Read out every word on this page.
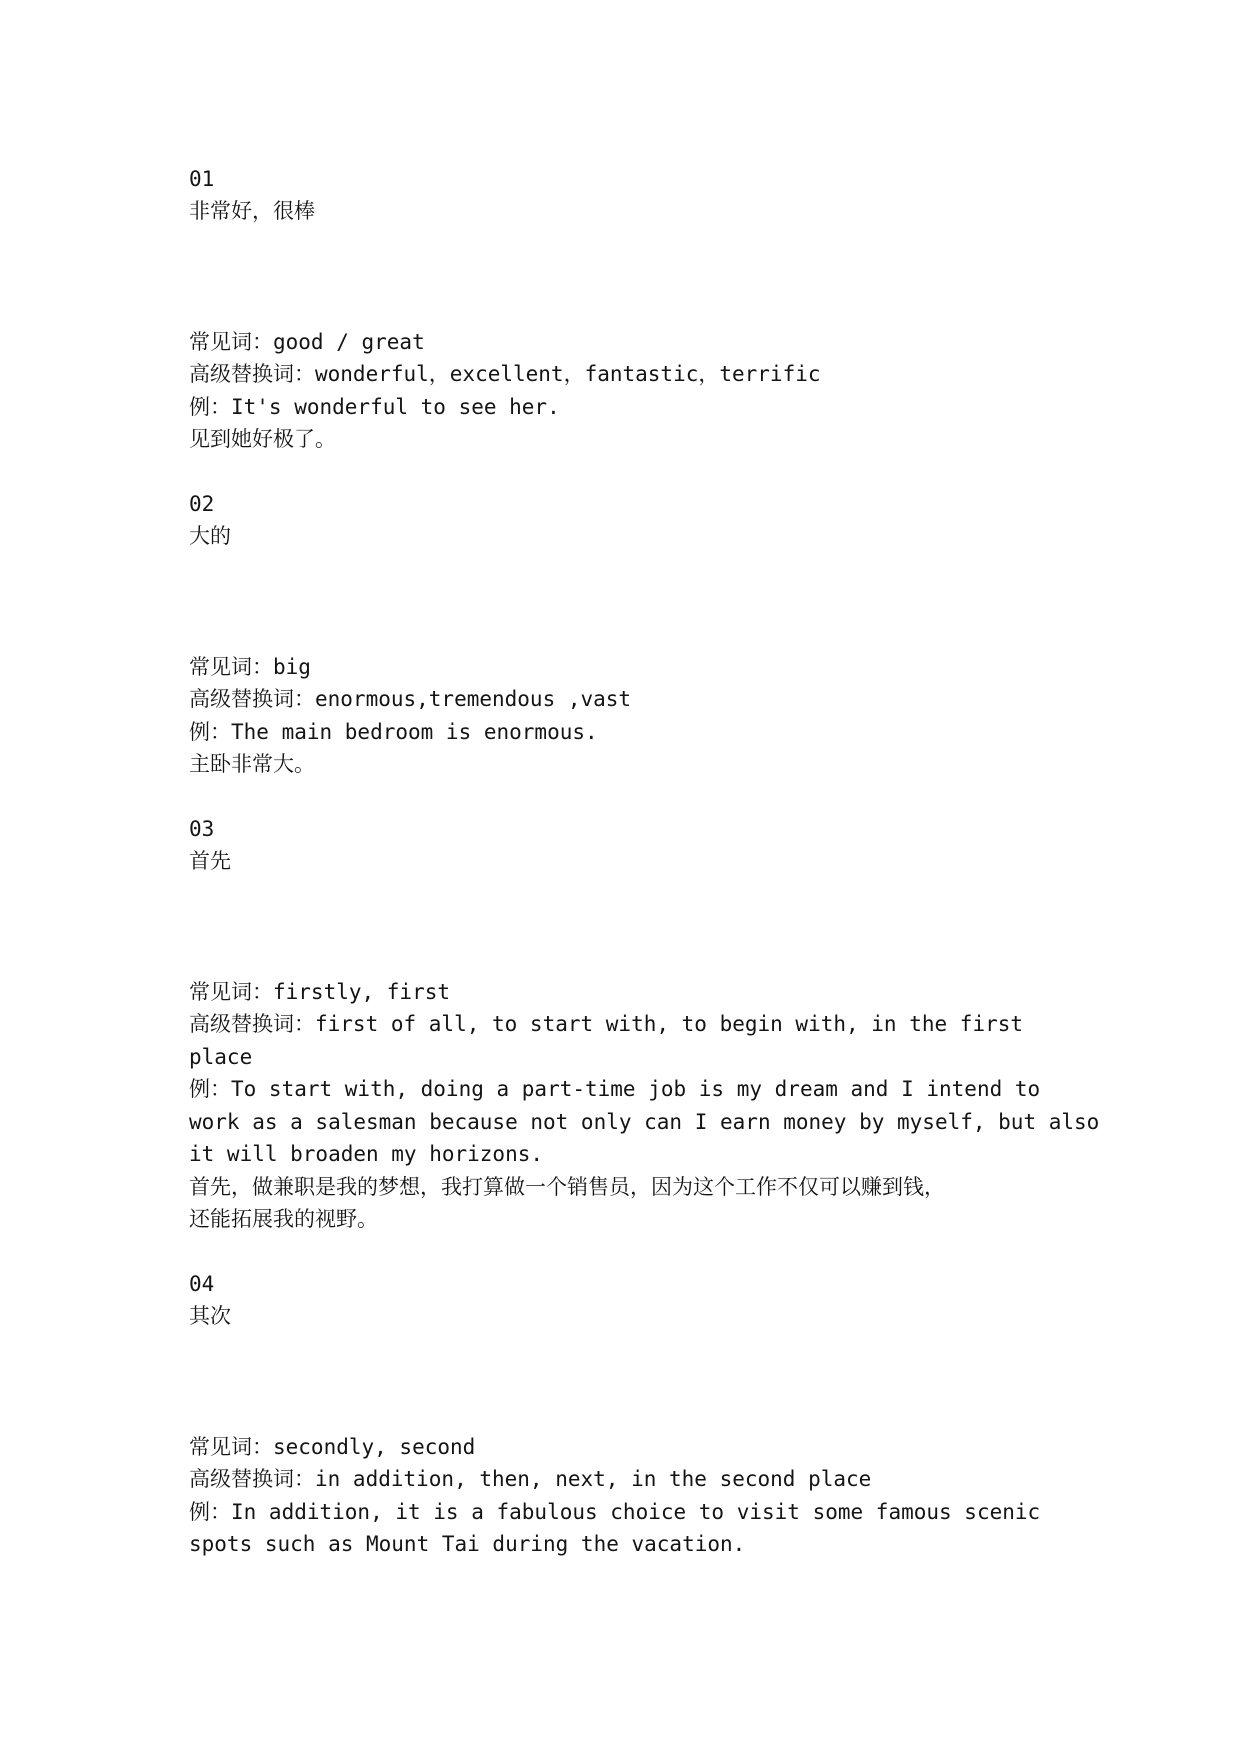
01

非常好，很棒

常见词：good / great

高级替换词：wonderful，excellent，fantastic，terrific

例：It's wonderful to see her.

见到她好极了。

02

大的

常见词：big

高级替换词：enormous,tremendous ,vast

例：The main bedroom is enormous.

主卧非常大。

03

首先

常见词：firstly, first

高级替换词：first of all, to start with, to begin with, in the first

place

例：To start with, doing a part-time job is my dream and I intend to

work as a salesman because not only can I earn money by myself, but also

it will broaden my horizons.

首先，做兼职是我的梦想，我打算做一个销售员，因为这个工作不仅可以赚到钱，

还能拓展我的视野。

04

其次

常见词：secondly, second

高级替换词：in addition, then, next, in the second place

例：In addition, it is a fabulous choice to visit some famous scenic

spots such as Mount Tai during the vacation.
